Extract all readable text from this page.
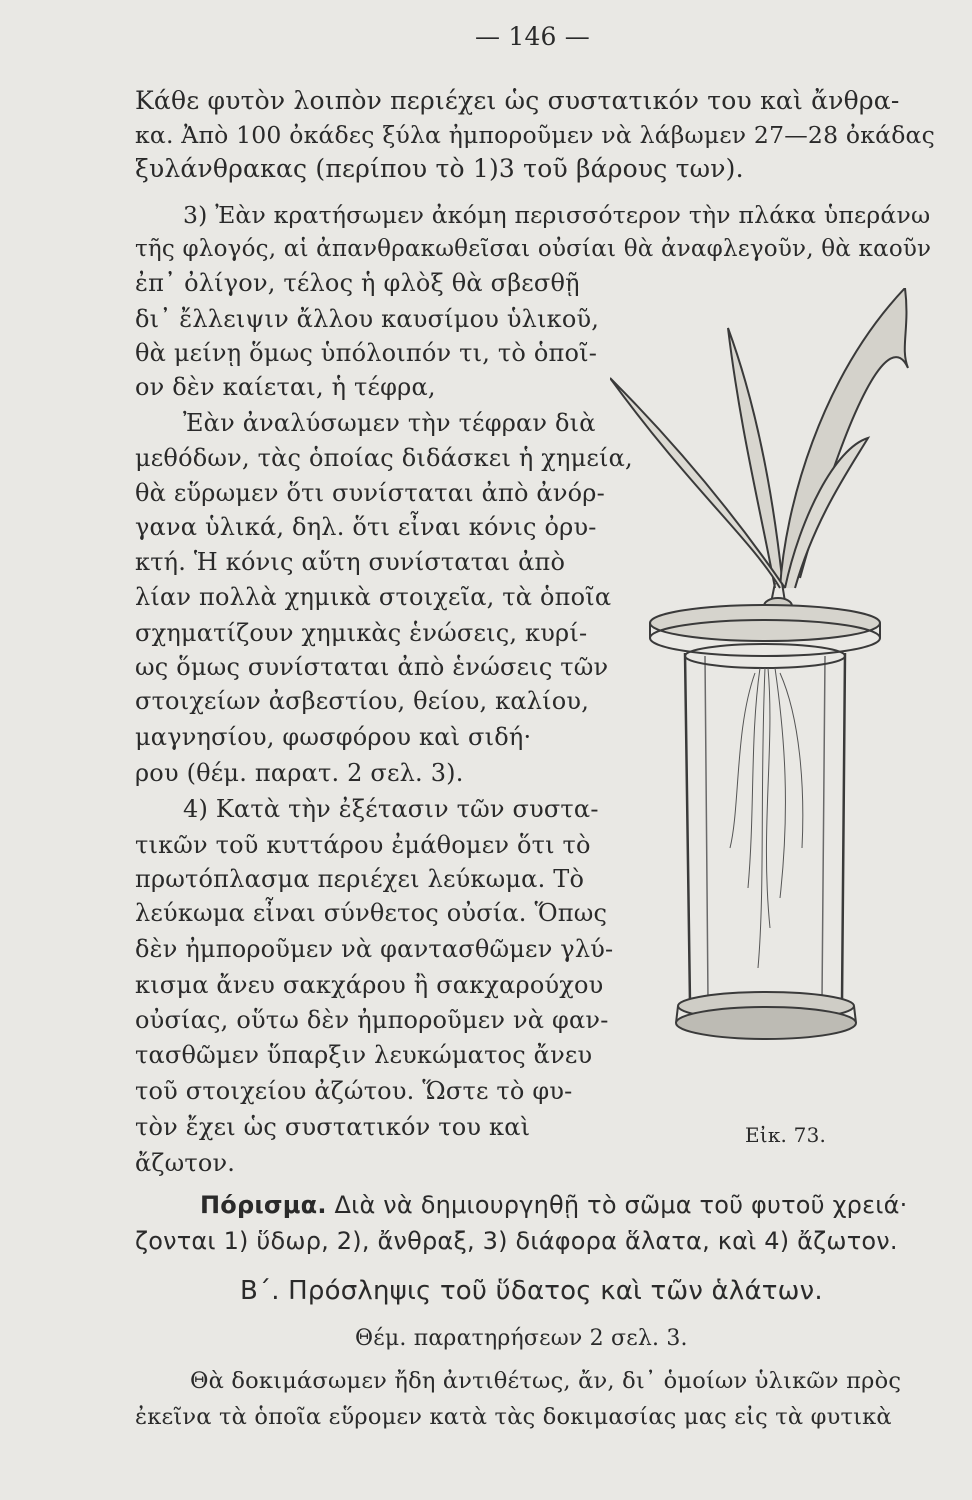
— 146 —
Κάθε φυτὸν λοιπὸν περιέχει ὡς συστατικόν του καὶ ἄνθρα-
κα. Ἀπὸ 100 ὀκάδες ξύλα ἠμποροῦμεν νὰ λάβωμεν 27—28 ὀκάδας
ξυλάνθρακας (περίπου τὸ 1)3 τοῦ βάρους των).
3) Ἐὰν κρατήσωμεν ἀκόμη περισσότερον τὴν πλάκα ὑπεράνω
τῆς φλογός, αἱ ἀπανθρακωθεῖσαι οὐσίαι θὰ ἀναφλεγοῦν, θὰ καοῦν
ἐπ᾽ ὀλίγον, τέλος ἡ φλὸξ θὰ σβεσθῇ
δι᾽ ἔλλειψιν ἄλλου καυσίμου ὑλικοῦ,
θὰ μείνῃ ὅμως ὑπόλοιπόν τι, τὸ ὁποῖ-
ον δὲν καίεται, ἡ τέφρα,
Ἐὰν ἀναλύσωμεν τὴν τέφραν διὰ
μεθόδων, τὰς ὁποίας διδάσκει ἡ χημεία,
θὰ εὕρωμεν ὅτι συνίσταται ἀπὸ ἀνόρ-
γανα ὑλικά, δηλ. ὅτι εἶναι κόνις ὀρυ-
κτή. Ἡ κόνις αὕτη συνίσταται ἀπὸ
λίαν πολλὰ χημικὰ στοιχεῖα, τὰ ὁποῖα
σχηματίζουν χημικὰς ἑνώσεις, κυρί-
ως ὅμως συνίσταται ἀπὸ ἑνώσεις τῶν
στοιχείων ἀσβεστίου, θείου, καλίου,
μαγνησίου, φωσφόρου καὶ σιδή·
ρου (θέμ. παρατ. 2 σελ. 3).
4) Κατὰ τὴν ἐξέτασιν τῶν συστα-
τικῶν τοῦ κυττάρου ἐμάθομεν ὅτι τὸ
πρωτόπλασμα περιέχει λεύκωμα. Τὸ
λεύκωμα εἶναι σύνθετος οὐσία. Ὅπως
δὲν ἠμποροῦμεν νὰ φαντασθῶμεν γλύ-
κισμα ἄνευ σακχάρου ἢ σακχαρούχου
οὐσίας, οὕτω δὲν ἠμποροῦμεν νὰ φαν-
τασθῶμεν ὕπαρξιν λευκώματος ἄνευ
τοῦ στοιχείου ἀζώτου. Ὥστε τὸ φυ-
τὸν ἔχει ὡς συστατικόν του καὶ
ἄζωτον.
Εἰκ. 73.
Πόρισμα. Διὰ νὰ δημιουργηθῇ τὸ σῶμα τοῦ φυτοῦ χρειά·
ζονται 1) ὕδωρ, 2), ἄνθραξ, 3) διάφορα ἅλατα, καὶ 4) ἄζωτον.
Β΄. Πρόσληψις τοῦ ὕδατος καὶ τῶν ἁλάτων.
Θέμ. παρατηρήσεων 2 σελ. 3.
Θὰ δοκιμάσωμεν ἤδη ἀντιθέτως, ἄν, δι᾽ ὁμοίων ὑλικῶν πρὸς
ἐκεῖνα τὰ ὁποῖα εὕρομεν κατὰ τὰς δοκιμασίας μας εἰς τὰ φυτικὰ
